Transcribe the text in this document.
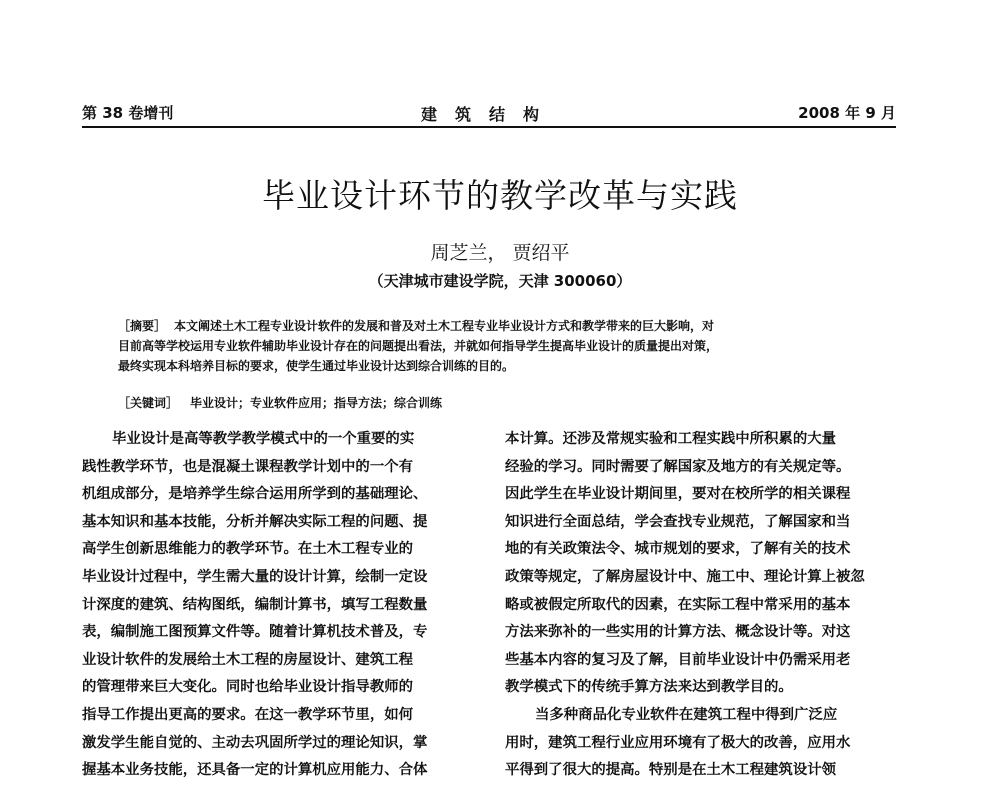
第 38 卷增刊	建筑结构	2008 年 9 月
毕业设计环节的教学改革与实践
周芝兰， 贾绍平
（天津城市建设学院，天津 300060）
［摘要］ 本文阐述土木工程专业设计软件的发展和普及对土木工程专业毕业设计方式和教学带来的巨大影响，对
目前高等学校运用专业软件辅助毕业设计存在的问题提出看法，并就如何指导学生提高毕业设计的质量提出对策，
最终实现本科培养目标的要求，使学生通过毕业设计达到综合训练的目的。
［关键词］ 毕业设计；专业软件应用；指导方法；综合训练
毕业设计是高等教学教学模式中的一个重要的实
践性教学环节，也是混凝土课程教学计划中的一个有
机组成部分，是培养学生综合运用所学到的基础理论、
基本知识和基本技能，分析并解决实际工程的问题、提
高学生创新思维能力的教学环节。在土木工程专业的
毕业设计过程中，学生需大量的设计计算，绘制一定设
计深度的建筑、结构图纸，编制计算书，填写工程数量
表，编制施工图预算文件等。随着计算机技术普及，专
业设计软件的发展给土木工程的房屋设计、建筑工程
的管理带来巨大变化。同时也给毕业设计指导教师的
指导工作提出更高的要求。在这一教学环节里，如何
激发学生能自觉的、主动去巩固所学过的理论知识，掌
握基本业务技能，还具备一定的计算机应用能力、合体
本计算。还涉及常规实验和工程实践中所积累的大量
经验的学习。同时需要了解国家及地方的有关规定等。
因此学生在毕业设计期间里，要对在校所学的相关课程
知识进行全面总结，学会查找专业规范，了解国家和当
地的有关政策法令、城市规划的要求，了解有关的技术
政策等规定，了解房屋设计中、施工中、理论计算上被忽
略或被假定所取代的因素，在实际工程中常采用的基本
方法来弥补的一些实用的计算方法、概念设计等。对这
些基本内容的复习及了解，目前毕业设计中仍需采用老
教学模式下的传统手算方法来达到教学目的。
当多种商品化专业软件在建筑工程中得到广泛应
用时，建筑工程行业应用环境有了极大的改善，应用水
平得到了很大的提高。特别是在土木工程建筑设计领
